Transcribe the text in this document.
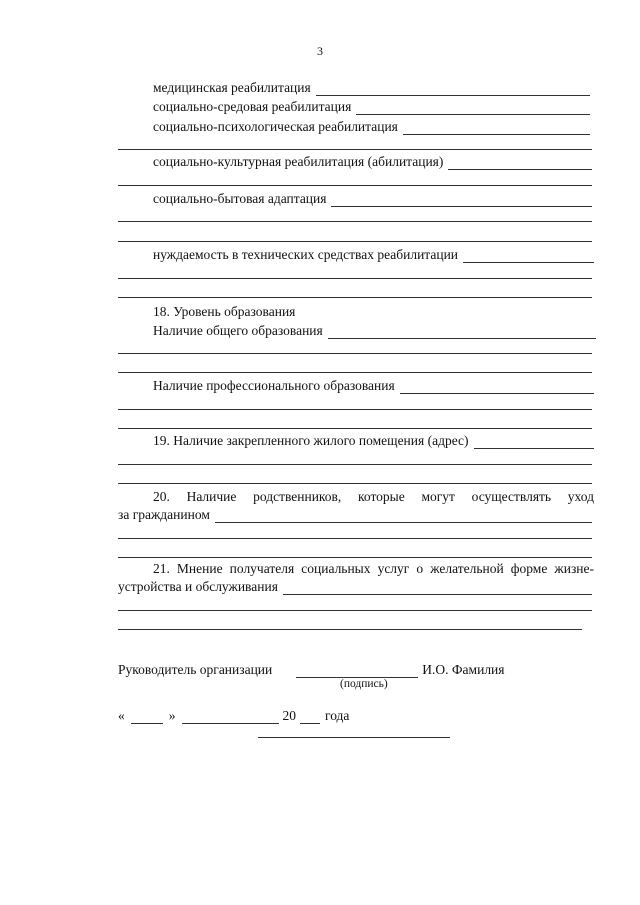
3
медицинская реабилитация
социально-средовая реабилитация
социально-психологическая реабилитация
социально-культурная реабилитация (абилитация)
социально-бытовая адаптация
нуждаемость в технических средствах реабилитации
18. Уровень образования
Наличие общего образования
Наличие профессионального образования
19. Наличие закрепленного жилого помещения (адрес)
20. Наличие родственников, которые могут осуществлять уход
за гражданином
21. Мнение получателя социальных услуг о желательной форме жизне-
устройства и обслуживания
Руководитель организации	И.О. Фамилия
(подпись)
«	»	20 года
